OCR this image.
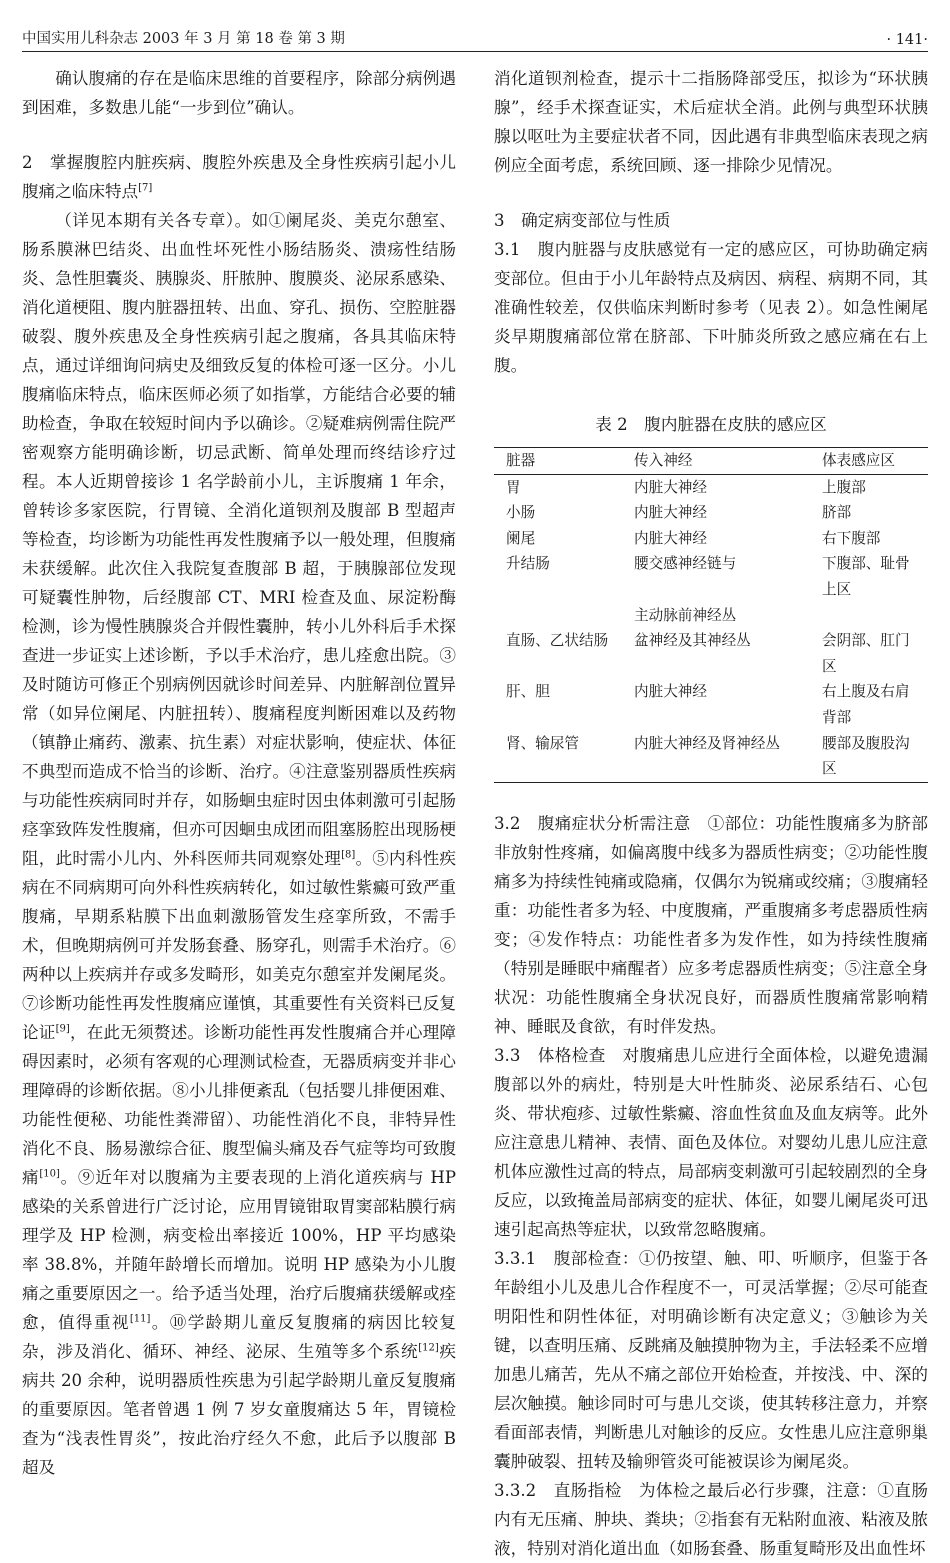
中国实用儿科杂志 2003 年 3 月 第 18 卷 第 3 期	· 141·

确认腹痛的存在是临床思维的首要程序，除部分病例遇到困难，多数患儿能“一步到位”确认。

2　掌握腹腔内脏疾病、腹腔外疾患及全身性疾病引起小儿腹痛之临床特点[7]

（详见本期有关各专章）。如①阑尾炎、美克尔憩室、肠系膜淋巴结炎、出血性坏死性小肠结肠炎、溃疡性结肠炎、急性胆囊炎、胰腺炎、肝脓肿、腹膜炎、泌尿系感染、消化道梗阻、腹内脏器扭转、出血、穿孔、损伤、空腔脏器破裂、腹外疾患及全身性疾病引起之腹痛，各具其临床特点，通过详细询问病史及细致反复的体检可逐一区分。小儿腹痛临床特点，临床医师必须了如指掌，方能结合必要的辅助检查，争取在较短时间内予以确诊。②疑难病例需住院严密观察方能明确诊断，切忌武断、简单处理而终结诊疗过程。本人近期曾接诊 1 名学龄前小儿，主诉腹痛 1 年余，曾转诊多家医院，行胃镜、全消化道钡剂及腹部 B 型超声等检查，均诊断为功能性再发性腹痛予以一般处理，但腹痛未获缓解。此次住入我院复查腹部 B 超，于胰腺部位发现可疑囊性肿物，后经腹部 CT、MRI 检查及血、尿淀粉酶检测，诊为慢性胰腺炎合并假性囊肿，转小儿外科后手术探查进一步证实上述诊断，予以手术治疗，患儿痊愈出院。③及时随访可修正个别病例因就诊时间差异、内脏解剖位置异常（如异位阑尾、内脏扭转）、腹痛程度判断困难以及药物（镇静止痛药、激素、抗生素）对症状影响，使症状、体征不典型而造成不恰当的诊断、治疗。④注意鉴别器质性疾病与功能性疾病同时并存，如肠蛔虫症时因虫体刺激可引起肠痉挛致阵发性腹痛，但亦可因蛔虫成团而阻塞肠腔出现肠梗阻，此时需小儿内、外科医师共同观察处理[8]。⑤内科性疾病在不同病期可向外科性疾病转化，如过敏性紫癜可致严重腹痛，早期系粘膜下出血刺激肠管发生痉挛所致，不需手术，但晚期病例可并发肠套叠、肠穿孔，则需手术治疗。⑥两种以上疾病并存或多发畸形，如美克尔憩室并发阑尾炎。⑦诊断功能性再发性腹痛应谨慎，其重要性有关资料已反复论证[9]，在此无须赘述。诊断功能性再发性腹痛合并心理障碍因素时，必须有客观的心理测试检查，无器质病变并非心理障碍的诊断依据。⑧小儿排便紊乱（包括婴儿排便困难、功能性便秘、功能性粪滞留）、功能性消化不良，非特异性消化不良、肠易激综合征、腹型偏头痛及吞气症等均可致腹痛[10]。⑨近年对以腹痛为主要表现的上消化道疾病与 HP 感染的关系曾进行广泛讨论，应用胃镜钳取胃窦部粘膜行病理学及 HP 检测，病变检出率接近 100%，HP 平均感染率 38.8%，并随年龄增长而增加。说明 HP 感染为小儿腹痛之重要原因之一。给予适当处理，治疗后腹痛获缓解或痊愈，值得重视[11]。⑩学龄期儿童反复腹痛的病因比较复杂，涉及消化、循环、神经、泌尿、生殖等多个系统[12]疾病共 20 余种，说明器质性疾患为引起学龄期儿童反复腹痛的重要原因。笔者曾遇 1 例 7 岁女童腹痛达 5 年，胃镜检查为“浅表性胃炎”，按此治疗经久不愈，此后予以腹部 B 超及

消化道钡剂检查，提示十二指肠降部受压，拟诊为“环状胰腺”，经手术探查证实，术后症状全消。此例与典型环状胰腺以呕吐为主要症状者不同，因此遇有非典型临床表现之病例应全面考虑，系统回顾、逐一排除少见情况。

3　确定病变部位与性质

3.1　腹内脏器与皮肤感觉有一定的感应区，可协助确定病变部位。但由于小儿年龄特点及病因、病程、病期不同，其准确性较差，仅供临床判断时参考（见表 2）。如急性阑尾炎早期腹痛部位常在脐部、下叶肺炎所致之感应痛在右上腹。

表 2　腹内脏器在皮肤的感应区

脏器	传入神经	体表感应区
胃	内脏大神经	上腹部
小肠	内脏大神经	脐部
阑尾	内脏大神经	右下腹部
升结肠	腰交感神经链与	下腹部、耻骨上区
	主动脉前神经丛	
直肠、乙状结肠	盆神经及其神经丛	会阴部、肛门区
肝、胆	内脏大神经	右上腹及右肩背部
肾、输尿管	内脏大神经及肾神经丛	腰部及腹股沟区

3.2　腹痛症状分析需注意　①部位：功能性腹痛多为脐部非放射性疼痛，如偏离腹中线多为器质性病变；②功能性腹痛多为持续性钝痛或隐痛，仅偶尔为锐痛或绞痛；③腹痛轻重：功能性者多为轻、中度腹痛，严重腹痛多考虑器质性病变；④发作特点：功能性者多为发作性，如为持续性腹痛（特别是睡眠中痛醒者）应多考虑器质性病变；⑤注意全身状况：功能性腹痛全身状况良好，而器质性腹痛常影响精神、睡眠及食欲，有时伴发热。

3.3　体格检查　对腹痛患儿应进行全面体检，以避免遗漏腹部以外的病灶，特别是大叶性肺炎、泌尿系结石、心包炎、带状疱疹、过敏性紫癜、溶血性贫血及血友病等。此外应注意患儿精神、表情、面色及体位。对婴幼儿患儿应注意机体应激性过高的特点，局部病变刺激可引起较剧烈的全身反应，以致掩盖局部病变的症状、体征，如婴儿阑尾炎可迅速引起高热等症状，以致常忽略腹痛。

3.3.1　腹部检查：①仍按望、触、叩、听顺序，但鉴于各年龄组小儿及患儿合作程度不一，可灵活掌握；②尽可能查明阳性和阴性体征，对明确诊断有决定意义；③触诊为关键，以查明压痛、反跳痛及触摸肿物为主，手法轻柔不应增加患儿痛苦，先从不痛之部位开始检查，并按浅、中、深的层次触摸。触诊同时可与患儿交谈，使其转移注意力，并察看面部表情，判断患儿对触诊的反应。女性患儿应注意卵巢囊肿破裂、扭转及输卵管炎可能被误诊为阑尾炎。

3.3.2　直肠指检　为体检之最后必行步骤，注意：①直肠内有无压痛、肿块、粪块；②指套有无粘附血液、粘液及脓液，特别对消化道出血（如肠套叠、肠重复畸形及出血性坏
